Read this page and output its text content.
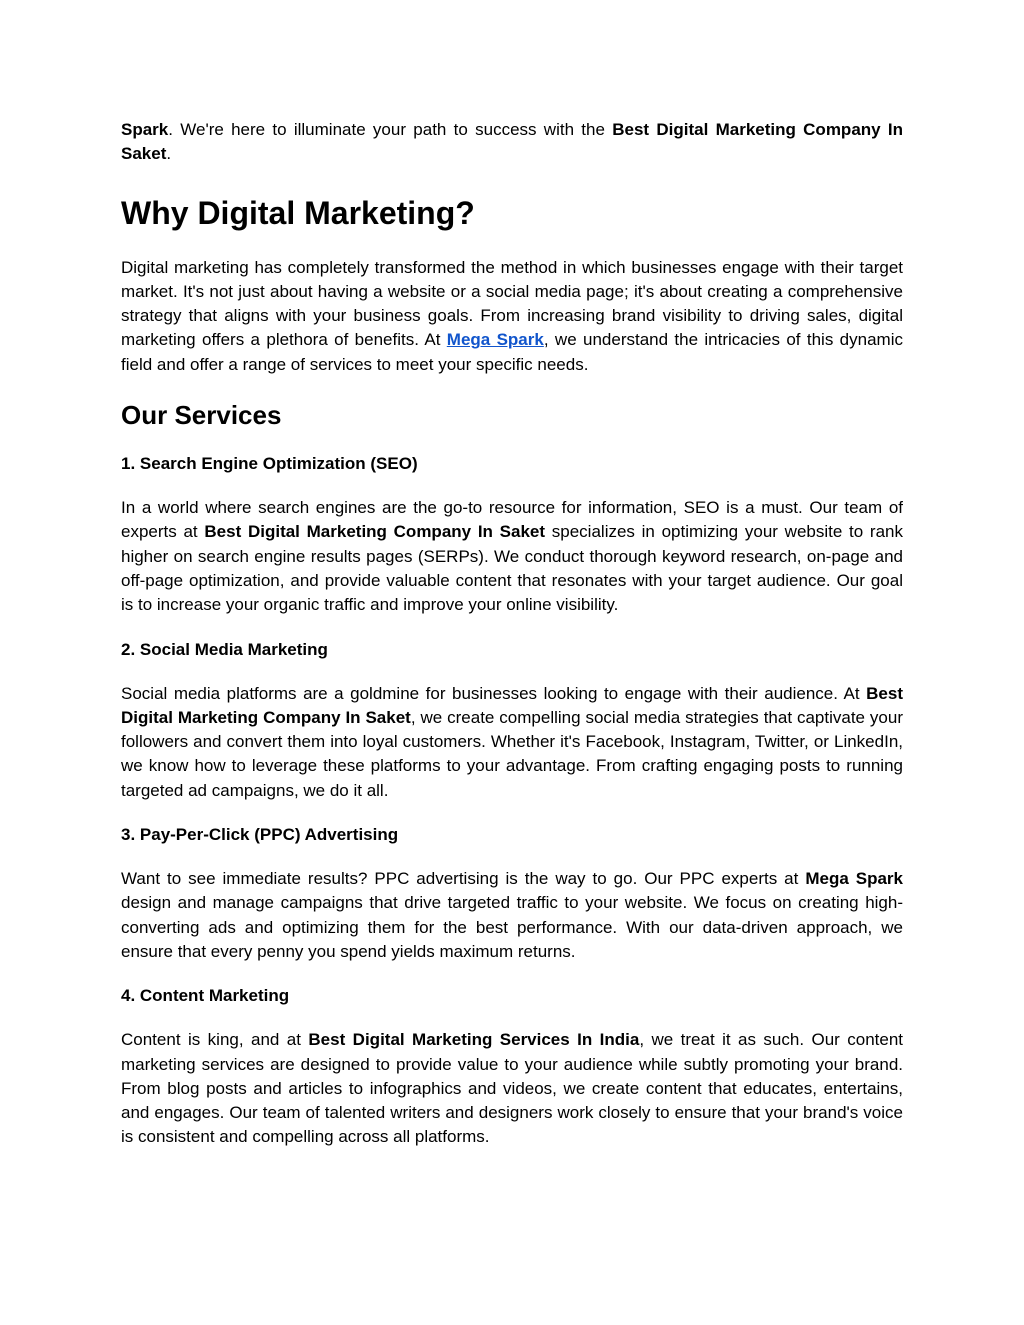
Spark. We're here to illuminate your path to success with the Best Digital Marketing Company In Saket.

Why Digital Marketing?

Digital marketing has completely transformed the method in which businesses engage with their target market. It's not just about having a website or a social media page; it's about creating a comprehensive strategy that aligns with your business goals. From increasing brand visibility to driving sales, digital marketing offers a plethora of benefits. At Mega Spark, we understand the intricacies of this dynamic field and offer a range of services to meet your specific needs.

Our Services
1. Search Engine Optimization (SEO)

In a world where search engines are the go-to resource for information, SEO is a must. Our team of experts at Best Digital Marketing Company In Saket specializes in optimizing your website to rank higher on search engine results pages (SERPs). We conduct thorough keyword research, on-page and off-page optimization, and provide valuable content that resonates with your target audience. Our goal is to increase your organic traffic and improve your online visibility.

2. Social Media Marketing

Social media platforms are a goldmine for businesses looking to engage with their audience. At Best Digital Marketing Company In Saket, we create compelling social media strategies that captivate your followers and convert them into loyal customers. Whether it's Facebook, Instagram, Twitter, or LinkedIn, we know how to leverage these platforms to your advantage. From crafting engaging posts to running targeted ad campaigns, we do it all.

3. Pay-Per-Click (PPC) Advertising

Want to see immediate results? PPC advertising is the way to go. Our PPC experts at Mega Spark design and manage campaigns that drive targeted traffic to your website. We focus on creating high-converting ads and optimizing them for the best performance. With our data-driven approach, we ensure that every penny you spend yields maximum returns.

4. Content Marketing

Content is king, and at Best Digital Marketing Services In India, we treat it as such. Our content marketing services are designed to provide value to your audience while subtly promoting your brand. From blog posts and articles to infographics and videos, we create content that educates, entertains, and engages. Our team of talented writers and designers work closely to ensure that your brand's voice is consistent and compelling across all platforms.
